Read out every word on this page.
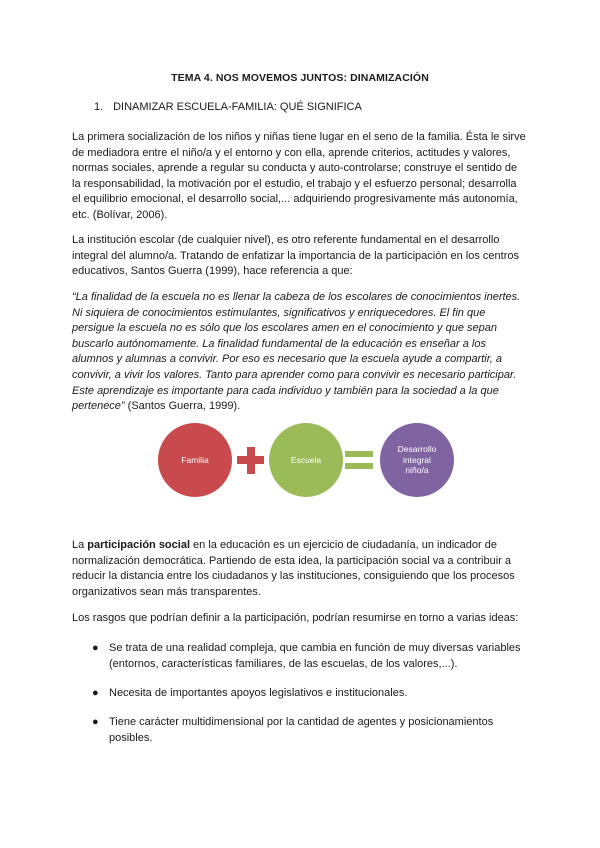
TEMA 4. NOS MOVEMOS JUNTOS: DINAMIZACIÓN
1. DINAMIZAR ESCUELA-FAMILIA: QUÉ SIGNIFICA

La primera socialización de los niños y niñas tiene lugar en el seno de la familia. Ésta le sirve de mediadora entre el niño/a y el entorno y con ella, aprende criterios, actitudes y valores, normas sociales, aprende a regular su conducta y auto-controlarse; construye el sentido de la responsabilidad, la motivación por el estudio, el trabajo y el esfuerzo personal; desarrolla el equilibrio emocional, el desarrollo social,... adquiriendo progresivamente más autonomía, etc. (Bolívar, 2006).

La institución escolar (de cualquier nivel), es otro referente fundamental en el desarrollo integral del alumno/a. Tratando de enfatizar la importancia de la participación en los centros educativos, Santos Guerra (1999), hace referencia a que:

“La finalidad de la escuela no es llenar la cabeza de los escolares de conocimientos inertes. Ni siquiera de conocimientos estimulantes, significativos y enriquecedores. El fin que persigue la escuela no es sólo que los escolares amen en el conocimiento y que sepan buscarlo autónomamente. La finalidad fundamental de la educación es enseñar a los alumnos y alumnas a convivir. Por eso es necesario que la escuela ayude a compartir, a convivir, a vivir los valores. Tanto para aprender como para convivir es necesario participar. Este aprendizaje es importante para cada individuo y también para la sociedad a la que pertenece” (Santos Guerra, 1999).

Familia	Escuela
Desarrollo integral niño/a

La participación social en la educación es un ejercicio de ciudadanía, un indicador de normalización democrática. Partiendo de esta idea, la participación social va a contribuir a reducir la distancia entre los ciudadanos y las instituciones, consiguiendo que los procesos organizativos sean más transparentes.

Los rasgos que podrían definir a la participación, podrían resumirse en torno a varias ideas:

● Se trata de una realidad compleja, que cambia en función de muy diversas variables (entornos, características familiares, de las escuelas, de los valores,...).
● Necesita de importantes apoyos legislativos e institucionales.
● Tiene carácter multidimensional por la cantidad de agentes y posicionamientos posibles.
